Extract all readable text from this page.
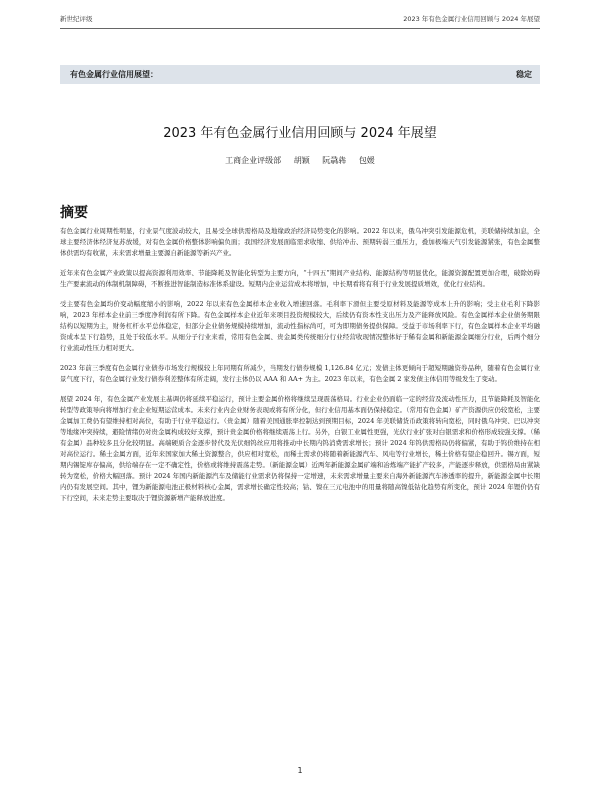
新世纪评级	2023 年有色金属行业信用回顾与 2024 年展望
有色金属行业信用展望：	稳定
2023 年有色金属行业信用回顾与 2024 年展望
工商企业评级部 胡颖 阮骉犇 包媛
摘要

有色金属行业周期性明显，行业景气度波动较大，且易受全球供需格局及地缘政治经济局势变化的影响。2022 年以来，俄乌冲突引发能源危机，美联储持续加息，全球主要经济体经济复苏放缓，对有色金属价格整体影响偏负面；我国经济发展面临需求收缩、供给冲击、预期转弱三重压力，叠加极端天气引发能源紧张，有色金属整体供需均有收紧，未来需求增量主要源自新能源等新兴产业。

近年来有色金属产业政策以提高资源利用效率、节能降耗及智能化转型为主要方向，“十四五”期间产业结构、能源结构等明显优化，能源资源配置更加合理，破除妨碍生产要素流动的体制机制障碍，不断推进智能制造标准体系建设。短期内企业运营成本将增加，中长期看将有利于行业发展提质增效，优化行业结构。

受主要有色金属均价变动幅度缩小的影响，2022 年以来有色金属样本企业收入增速回落。毛利率下滑但主要受原材料及能源等成本上升的影响；受主业毛利下降影响，2023 年样本企业前三季度净利润有所下降。有色金属样本企业近年来项目投资规模较大，后续仍有资本性支出压力及产能释放风险。有色金属样本企业债务期限结构以短期为主，财务杠杆水平总体稳定，但部分企业债务规模持续增加，流动性指标尚可，可为即期债务提供保障。受益于市场利率下行，有色金属样本企业平均融资成本呈下行趋势，且处于较低水平。从细分子行业来看，常用有色金属、贵金属类传统细分行业经营收现情况整体好于稀有金属和新能源金属细分行业，后两个细分行业流动性压力相对更大。

2023 年前三季度有色金属行业债券市场发行规模较上年同期有所减少，当期发行债券规模 1,126.84 亿元；发债主体更倾向于超短期融资券品种，随着有色金属行业景气度下行，有色金属行业发行债券利差整体有所走阔，发行主体仍以 AAA 和 AA+ 为主。2023 年以来，有色金属 2 家发债主体信用等级发生了变动。

展望 2024 年，有色金属产业发展主基调仍将延续平稳运行，预计主要金属价格将继续呈现震荡格局。行业企业仍面临一定的经营及流动性压力，且节能降耗及智能化转型等政策导向将增加行业企业短期运营成本。未来行业内企业财务表现或将有所分化，但行业信用基本面仍保持稳定。（常用有色金属）矿产资源供应仍较宽松，主要金属加工费仍有望维持相对高位，有助于行业平稳运行。（贵金属）随着美国通胀率控制达到预期目标，2024 年美联储货币政策将转向宽松，同时俄乌冲突、巴以冲突等地缘冲突持续，避险情绪仍对贵金属构成较好支撑，预计贵金属价格将继续震荡上行。另外，白银工业属性更强，光伏行业扩张对白银需求和价格形成较强支撑。（稀有金属）品种较多且分化较明显。高端硬质合金逐步替代及光伏细钨丝应用将推动中长期内钨消费需求增长；预计 2024 年钨供需格局仍将偏紧，有助于钨价维持在相对高位运行。稀土金属方面，近年来国家加大稀土资源整合，供应相对宽松，而稀土需求仍将随着新能源汽车、风电等行业增长，稀土价格有望企稳回升。锡方面，短期内锡锭库存偏高，供给端存在一定不确定性，价格或将维持震荡走势。（新能源金属）近两年新能源金属矿端和冶炼端产能扩产较多，产能逐步释放，供需格局由紧缺转为宽松，价格大幅回落。预计 2024 年国内新能源汽车及储能行业需求仍将保持一定增速，未来需求增量主要来自海外新能源汽车渗透率的提升，新能源金属中长期内仍有发展空间。其中，锂为新能源电池正极材料核心金属，需求增长确定性较高；钴、镍在三元电池中的用量将随高镍低钴化趋势有所变化，预计 2024 年锂价仍有下行空间，未来走势主要取决于锂资源新增产能释放进度。

1
